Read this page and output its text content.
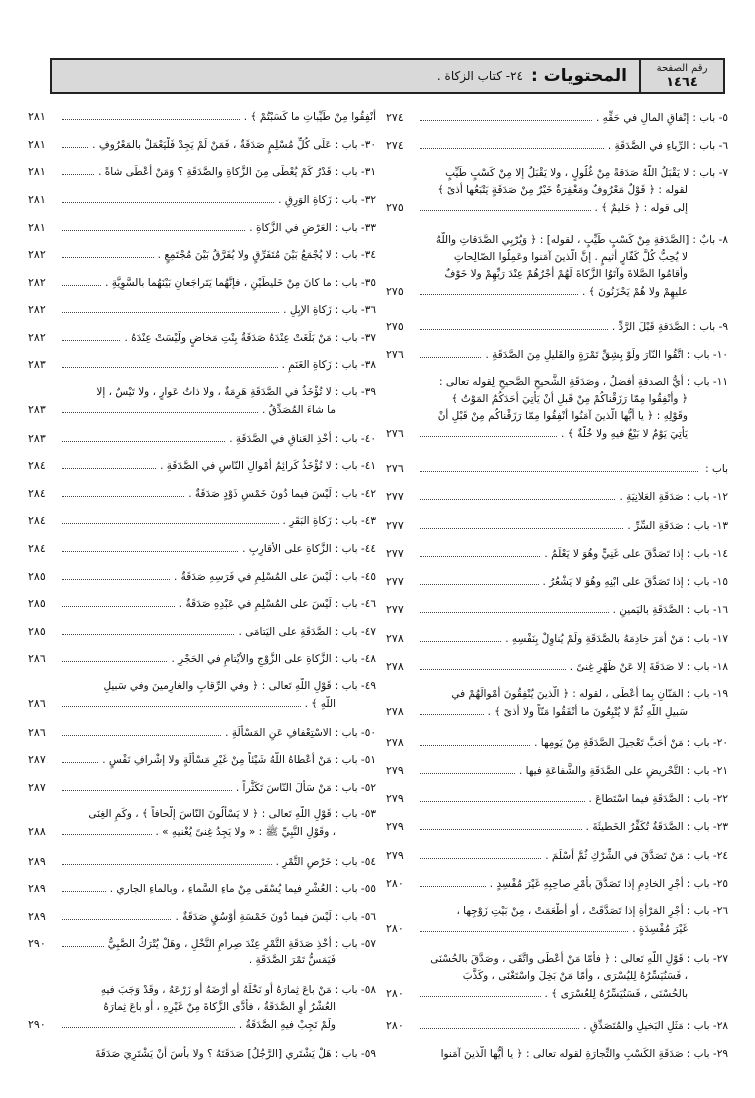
رقم الصفحة
١٤٦٤
المحتويات :
٢٤- كتاب الزكاة .
٥- باب :
إنْفاقِ المالِ في حَقِّهِ .
٢٧٤
٦- باب :
الرِّياءِ في الصَّدَقَةِ .
٢٧٤
٧- باب :
لا يَقْبَلُ اللّهُ صَدَقةً مِنْ غُلُولٍ ، ولا يَقْبَلُ إلا مِنْ كَسْبٍ طَيِّبٍ
لقوله : ﴿ قَوْلٌ مَعْرُوفٌ ومَغْفِرَةٌ خَيْرٌ مِنْ صَدَقَةٍ يَتْبَعُها أذىً ﴾
إلى قوله : ﴿ حَليمٌ ﴾ .
٢٧٥
٨- بابٌ :
[الصَّدَقةِ مِنْ كَسْبٍ طَيِّبٍ ، لقوله] : ﴿ وَيُرْبِي الصَّدَقاتِ واللّهُ
لا يُحِبُّ كُلَّ كَفّارٍ أثيمٍ . إنَّ الّذينَ آمَنوا وعَمِلُوا الصّالِحاتِ
وأقامُوا الصَّلاةَ وآتَوُا الزَّكاةَ لَهُمْ أجْرُهُمْ عِنْدَ رَبِّهِمْ ولا خَوْفٌ
عليهِمْ ولا هُمْ يَحْزَنُونَ ﴾ .
٢٧٥
٩- باب :
الصَّدَقةِ قَبْلَ الرَّدِّ .
٢٧٥
١٠- باب :
اتَّقُوا النّارَ ولَوْ بِشِقِّ تَمْرَةٍ والقَليلِ مِنَ الصَّدَقَةِ .
٢٧٦
١١- باب :
أيُّ الصدقةِ أفضلُ ، وصَدَقَةِ الشَّحيحِ الصَّحيحِ لِقوله تعالى :
﴿ وأنْفِقُوا مِمّا رَزَقْناكُمْ مِنْ قَبلِ أنْ يَأْتِيَ أحَدَكُمُ المَوْتُ ﴾
وقَوْلِهِ : ﴿ يا أيُّها الّذينَ آمَنُوا أنْفِقُوا مِمّا رَزَقْناكُم مِنْ قَبْلِ أنْ
يَأتِيَ يَوْمٌ لا بَيْعٌ فيهِ ولا خُلَّةٌ ﴾ .
٢٧٦
باب :
٢٧٦
١٢- باب :
صَدَقَةِ العَلانِيَةِ .
٢٧٧
١٣- باب :
صَدَقَةِ السِّرِّ .
٢٧٧
١٤- باب :
إذا تَصَدَّقَ على غَنِيٍّ وهُوَ لا يَعْلَمُ .
٢٧٧
١٥- باب :
إذا تَصَدَّقَ على ابْنِهِ وهُوَ لا يَشْعُرُ .
٢٧٧
١٦- باب :
الصَّدَقَةِ باليَمينِ .
٢٧٧
١٧- باب :
مَنْ أمَرَ خادِمَهُ بالصَّدَقَةِ ولَمْ يُناوِلْ بِنَفْسِهِ .
٢٧٨
١٨- باب :
لا صَدَقَةَ إلا عَنْ ظَهْرِ غِنىً .
٢٧٨
١٩- باب :
المَنّانِ بِما أعْطَى ، لقوله : ﴿ الّذينَ يُنْفِقُونَ أمْوالَهُمْ في
سَبيلِ اللّهِ ثُمَّ لا يُتْبِعُونَ ما أنْفَقُوا مَنّاً ولا أذىً ﴾ .
٢٧٨
٢٠- باب :
مَنْ أحَبَّ تَعْجيلَ الصَّدَقَةِ مِنْ يَومِها .
٢٧٨
٢١- باب :
التَّحْريضِ على الصَّدَقَةِ والشَّفاعَةِ فيها .
٢٧٩
٢٢- باب :
الصَّدَقَةِ فيما اسْتَطاعَ .
٢٧٩
٢٣- باب :
الصَّدَقَةُ تُكَفِّرُ الخَطيئَةَ .
٢٧٩
٢٤- باب :
مَنْ تَصَدَّقَ في الشِّرْكِ ثُمَّ أسْلَمَ .
٢٧٩
٢٥- باب :
أجْرِ الخادِمِ إذا تَصَدَّقَ بأمْرِ صاحِبِهِ غَيْرَ مُفْسِدٍ .
٢٨٠
٢٦- باب :
أجْرِ المَرْأةِ إذا تَصَدَّقَتْ ، أو أطْعَمَتْ ، مِنْ بَيْتِ زَوْجِها ،
غَيْرَ مُفْسِدَةٍ .
٢٨٠
٢٧- باب :
قَوْلِ اللّهِ تَعالى : ﴿ فأمّا مَنْ أعْطَى واتَّقَى ، وصَدَّقَ بالحُسْنَى
، فَسَنُيَسِّرُهُ لِليُسْرَى ، وأمّا مَنْ بَخِلَ واسْتَغْنَى ، وكَذَّبَ
بالحُسْنَى ، فَسَنُيَسِّرُهُ لِلعُسْرَى ﴾ .
٢٨٠
٢٨- باب :
مَثَلِ البَخيلِ والمُتَصَدِّقِ .
٢٨٠
٢٩- باب :
صَدَقَةِ الكَسْبِ والتِّجارَةِ لقوله تعالى : ﴿ يا أيُّها الّذينَ آمَنوا
أنْفِقُوا مِنْ طَيِّباتِ ما كَسَبْتُمْ ﴾ .
٢٨١
٣٠- باب :
عَلَى كُلِّ مُسْلِمٍ صَدَقَةٌ ، فَمَنْ لَمْ يَجِدْ فَلْيَعْمَلْ بالمَعْرُوفِ .
٢٨١
٣١- باب :
قَدْرُ كَمْ يُعْطَى مِنَ الزَّكاةِ والصَّدَقَةِ ؟ وَمَنْ أعْطَى شاةً .
٢٨١
٣٢- باب :
زَكاةِ الوَرِقِ .
٢٨١
٣٣- باب :
العَرْضِ في الزَّكاةِ .
٢٨١
٣٤- باب :
لا يُجْمَعُ بَيْنَ مُتَفَرِّقٍ ولا يُفَرَّقُ بَيْنَ مُجْتَمِعٍ .
٢٨٢
٣٥- باب :
ما كانَ مِنْ خَليطَيْنِ ، فإنَّهُما يَتَراجَعانِ بَيْنَهُما بالسَّوِيَّةِ .
٢٨٢
٣٦- باب :
زَكاةِ الإبِلِ .
٢٨٢
٣٧- باب :
مَنْ بَلَغَتْ عِنْدَهُ صَدَقَةُ بِنْتِ مَخاضٍ ولَيْسَتْ عِنْدَهُ .
٢٨٢
٣٨- باب :
زَكاةِ الغَنَمِ .
٢٨٣
٣٩- باب :
لا تُؤْخَذُ في الصَّدَقَةِ هَرِمَةٌ ، ولا ذاتُ عَوارٍ ، ولا تَيْسٌ ، إلا
ما شاءَ المُصَدِّقُ .
٢٨٣
٤٠- باب :
أخْذِ العَناقِ في الصَّدَقَةِ .
٢٨٣
٤١- باب :
لا تُؤْخَذُ كَرائِمُ أمْوالِ النّاسِ في الصَّدَقَةِ .
٢٨٤
٤٢- باب :
لَيْسَ فيما دُونَ خَمْسِ ذَوْدٍ صَدَقَةٌ .
٢٨٤
٤٣- باب :
زَكاةِ البَقَرِ .
٢٨٤
٤٤- باب :
الزَّكاةِ على الأقارِبِ .
٢٨٤
٤٥- باب :
لَيْسَ على المُسْلِمِ في فَرَسِهِ صَدَقَةٌ .
٢٨٥
٤٦- باب :
لَيْسَ على المُسْلِمِ في عَبْدِهِ صَدَقَةٌ .
٢٨٥
٤٧- باب :
الصَّدَقَةِ على اليَتامَى .
٢٨٥
٤٨- باب :
الزَّكاةِ على الزَّوْجِ والأيْتامِ في الحَجْرِ .
٢٨٦
٤٩- باب :
قَوْلِ اللّهِ تَعالى : ﴿ وفي الرِّقابِ والغارِمينَ وفي سَبيلِ
اللّهِ ﴾ .
٢٨٦
٥٠- باب :
الاسْتِعْفافِ عَنِ المَسْألَةِ .
٢٨٦
٥١- باب :
مَنْ أعْطاهُ اللّهُ شَيْئاً مِنْ غَيْرِ مَسْألَةٍ ولا إشْرافِ نَفْسٍ .
٢٨٧
٥٢- باب :
مَنْ سَألَ النّاسَ تَكَثُّراً .
٢٨٧
٥٣- باب :
قَوْلِ اللّهِ تَعالى : ﴿ لا يَسْألُونَ النّاسَ إلْحافاً ﴾ ، وكَمِ الغِنَى
، وقَوْلِ النَّبِيِّ ﷺ : « ولا يَجِدُ غِنىً يُغْنيهِ » .
٢٨٨
٥٤- باب :
خَرْصِ التَّمْرِ .
٢٨٩
٥٥- باب :
العُشْرِ فيما يُسْقَى مِنْ ماءِ السَّماءِ ، وبالماءِ الجاري .
٢٨٩
٥٦- باب :
لَيْسَ فيما دُونَ خَمْسَةِ أوْسُقٍ صَدَقَةٌ .
٢٨٩
٥٧- باب :
أخْذِ صَدَقَةِ التَّمْرِ عِنْدَ صِرامِ النَّخْلِ ، وهَلْ يُتْرَكُ الصَّبِيُّ
٢٩٠
فَيَمَسُّ تَمْرَ الصَّدَقَةِ .
٥٨- باب :
مَنْ باعَ ثِمارَهُ أو نَخْلَهُ أو أرْضَهُ أو زَرْعَهُ ، وقَدْ وَجَبَ فيهِ
العُشْرُ أوِ الصَّدَقَةُ ، فأدَّى الزَّكاةَ مِنْ غَيْرِهِ ، أو باعَ ثِمارَهُ
ولَمْ تَجِبْ فيهِ الصَّدَقَةُ .
٢٩٠
٥٩- باب :
هَلْ يَشْتَري [الرَّجُلُ] صَدَقَتَهُ ؟ ولا بأسَ أنْ يَشْتَرِيَ صَدَقَةَ
